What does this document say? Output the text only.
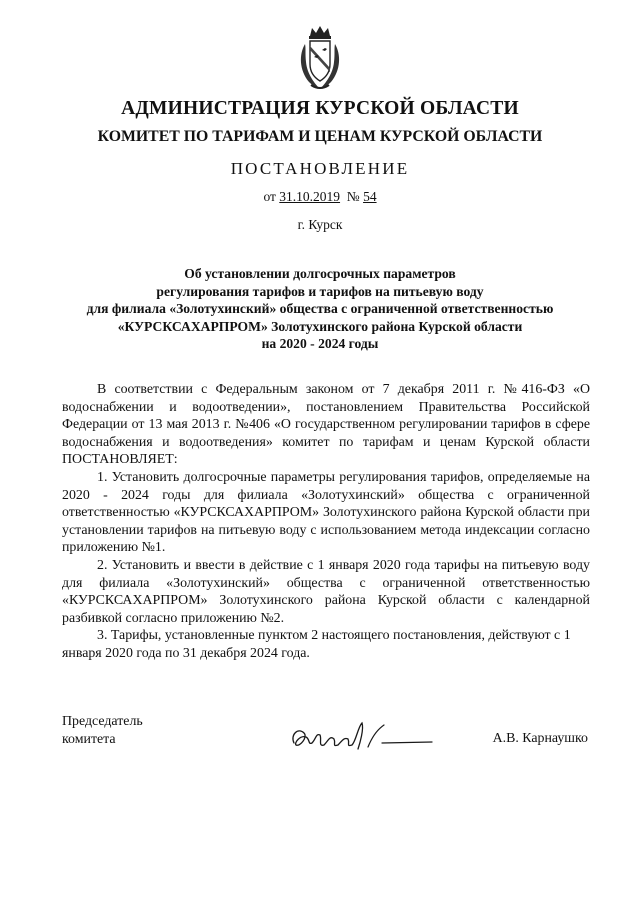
АДМИНИСТРАЦИЯ КУРСКОЙ ОБЛАСТИ
КОМИТЕТ ПО ТАРИФАМ И ЦЕНАМ КУРСКОЙ ОБЛАСТИ
ПОСТАНОВЛЕНИЕ
от 31.10.2019 № 54
г. Курск
Об установлении долгосрочных параметров
регулирования тарифов и тарифов на питьевую воду
для филиала «Золотухинский» общества с ограниченной ответственностью
«КУРСКСАХАРПРОМ» Золотухинского района Курской области
на 2020 - 2024 годы

В соответствии с Федеральным законом от 7 декабря 2011 г. №416-ФЗ «О водоснабжении и водоотведении», постановлением Правительства Российской Федерации от 13 мая 2013 г. №406 «О государственном регулировании тарифов в сфере водоснабжения и водоотведения» комитет по тарифам и ценам Курской области ПОСТАНОВЛЯЕТ:

1. Установить долгосрочные параметры регулирования тарифов, определяемые на 2020 - 2024 годы для филиала «Золотухинский» общества с ограниченной ответственностью «КУРСКСАХАРПРОМ» Золотухинского района Курской области при установлении тарифов на питьевую воду с использованием метода индексации согласно приложению №1.

2. Установить и ввести в действие с 1 января 2020 года тарифы на питьевую воду для филиала «Золотухинский» общества с ограниченной ответственностью «КУРСКСАХАРПРОМ» Золотухинского района Курской области с календарной разбивкой согласно приложению №2.

3. Тарифы, установленные пунктом 2 настоящего постановления, действуют с 1 января 2020 года по 31 декабря 2024 года.

Председатель
комитета	А.В. Карнаушко
